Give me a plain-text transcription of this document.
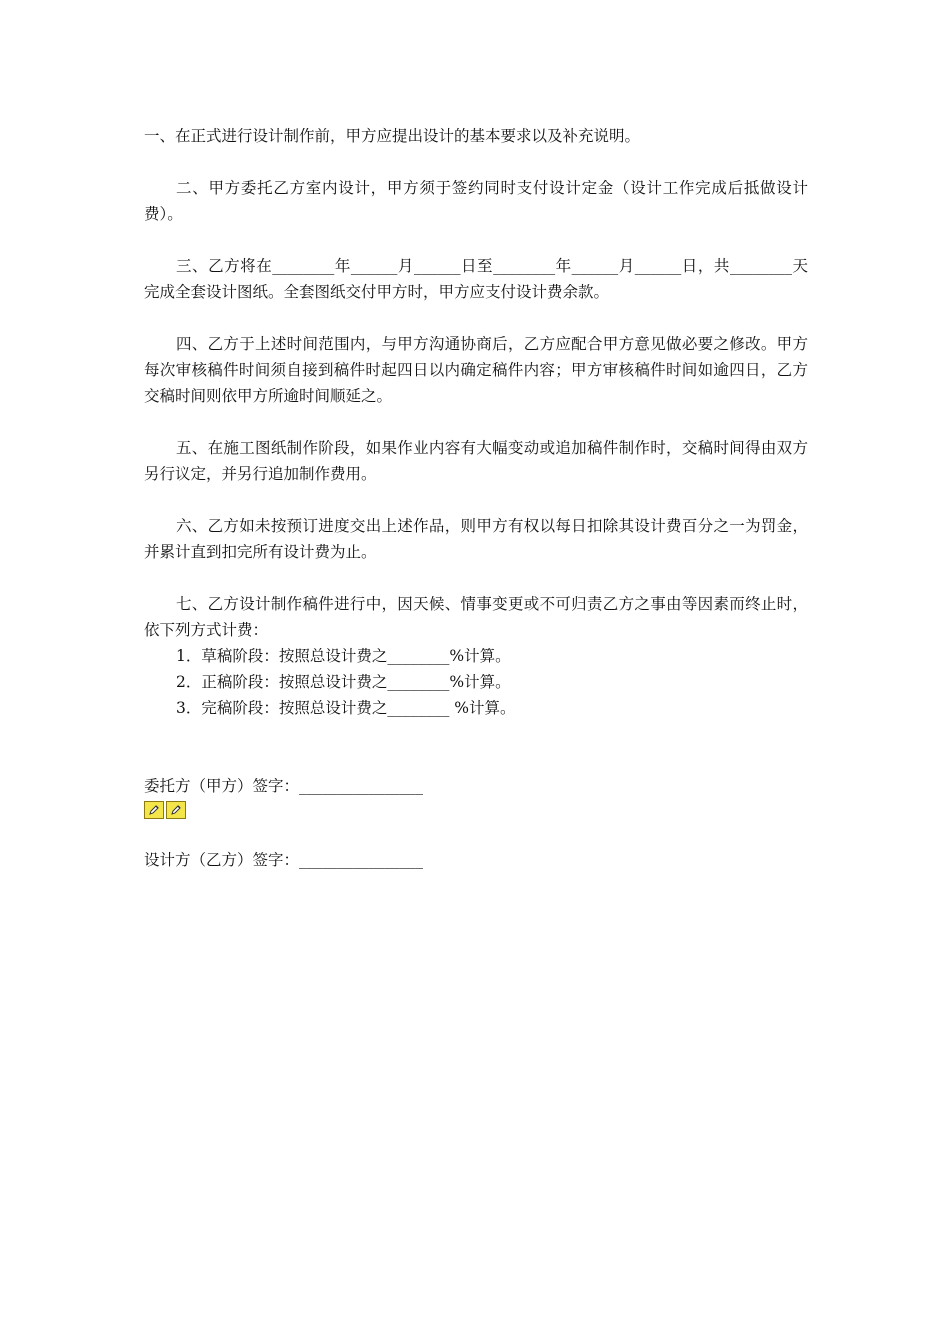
一、在正式进行设计制作前，甲方应提出设计的基本要求以及补充说明。

二、甲方委托乙方室内设计，甲方须于签约同时支付设计定金（设计工作完成后抵做设计费）。

三、乙方将在________年______月______日至________年______月______日，共________天完成全套设计图纸。全套图纸交付甲方时，甲方应支付设计费余款。

四、乙方于上述时间范围内，与甲方沟通协商后，乙方应配合甲方意见做必要之修改。甲方每次审核稿件时间须自接到稿件时起四日以内确定稿件内容；甲方审核稿件时间如逾四日，乙方交稿时间则依甲方所逾时间顺延之。

五、在施工图纸制作阶段，如果作业内容有大幅变动或追加稿件制作时，交稿时间得由双方另行议定，并另行追加制作费用。

六、乙方如未按预订进度交出上述作品，则甲方有权以每日扣除其设计费百分之一为罚金，并累计直到扣完所有设计费为止。

七、乙方设计制作稿件进行中，因天候、情事变更或不可归责乙方之事由等因素而终止时，依下列方式计费：

1．草稿阶段：按照总设计费之________%计算。

2．正稿阶段：按照总设计费之________%计算。

3．完稿阶段：按照总设计费之________ %计算。

委托方（甲方）签字：________________

设计方（乙方）签字：________________
